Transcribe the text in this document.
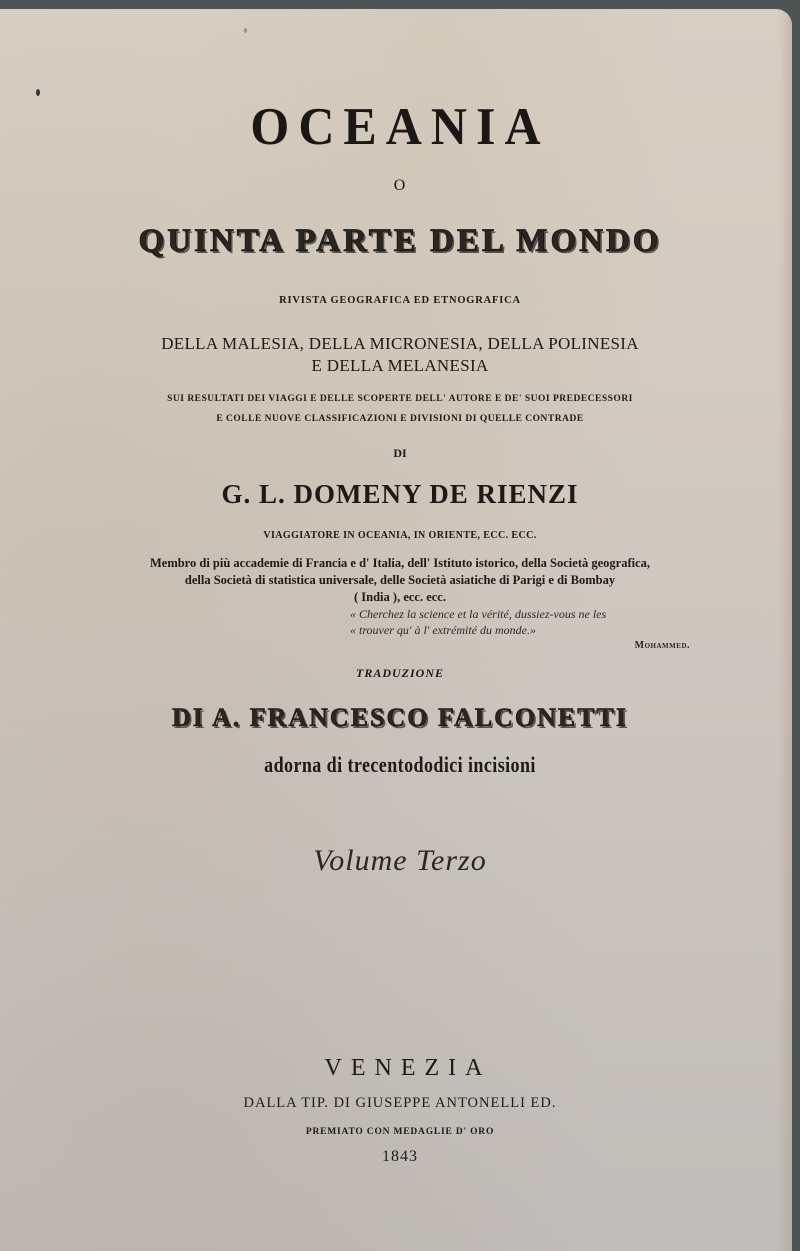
OCEANIA
O
QUINTA PARTE DEL MONDO
RIVISTA GEOGRAFICA ED ETNOGRAFICA
DELLA MALESIA, DELLA MICRONESIA, DELLA POLINESIA
E DELLA MELANESIA
SUI RESULTATI DEI VIAGGI E DELLE SCOPERTE DELL' AUTORE E DE' SUOI PREDECESSORI
E COLLE NUOVE CLASSIFICAZIONI E DIVISIONI DI QUELLE CONTRADE
DI
G. L. DOMENY DE RIENZI
VIAGGIATORE IN OCEANIA, IN ORIENTE, ECC. ECC.
Membro di più accademie di Francia e d' Italia, dell' Istituto istorico, della Società geografica,
della Società di statistica universale, delle Società asiatiche di Parigi e di Bombay
( India ), ecc. ecc.
« Cherchez la science et la vérité, dussiez-vous ne les
« trouver qu' à l' extrémité du monde.»
Mohammed.
TRADUZIONE
DI A. FRANCESCO FALCONETTI
adorna di trecentododici incisioni
Volume Terzo
VENEZIA
DALLA TIP. DI GIUSEPPE ANTONELLI ED.
PREMIATO CON MEDAGLIE D' ORO
1843
